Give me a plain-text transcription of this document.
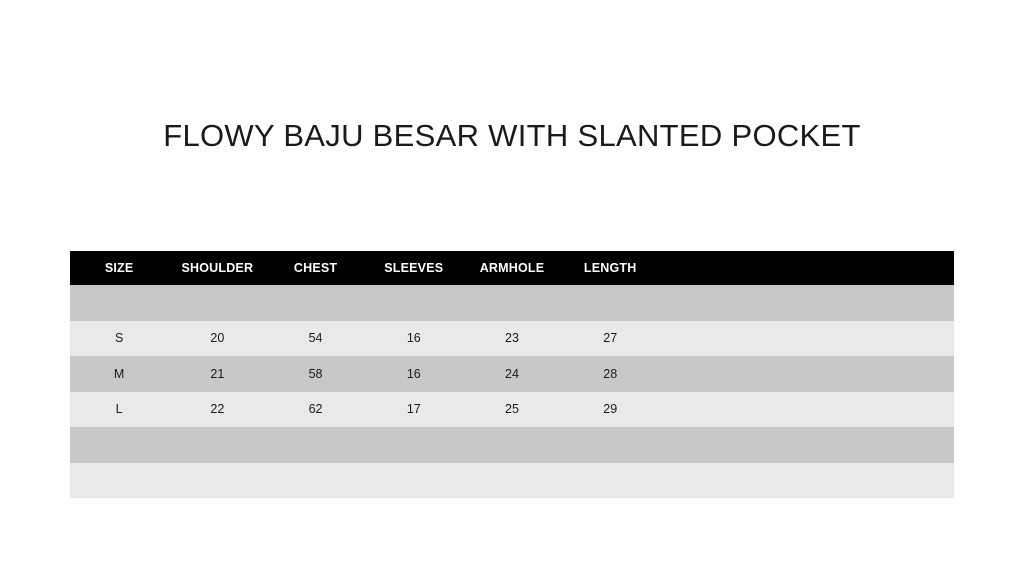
FLOWY BAJU BESAR WITH SLANTED POCKET
SIZE	SHOULDER	CHEST	SLEEVES	ARMHOLE	LENGTH			

S	20	54	16	23	27			
M	21	58	16	24	28			
L	22	62	17	25	29			
